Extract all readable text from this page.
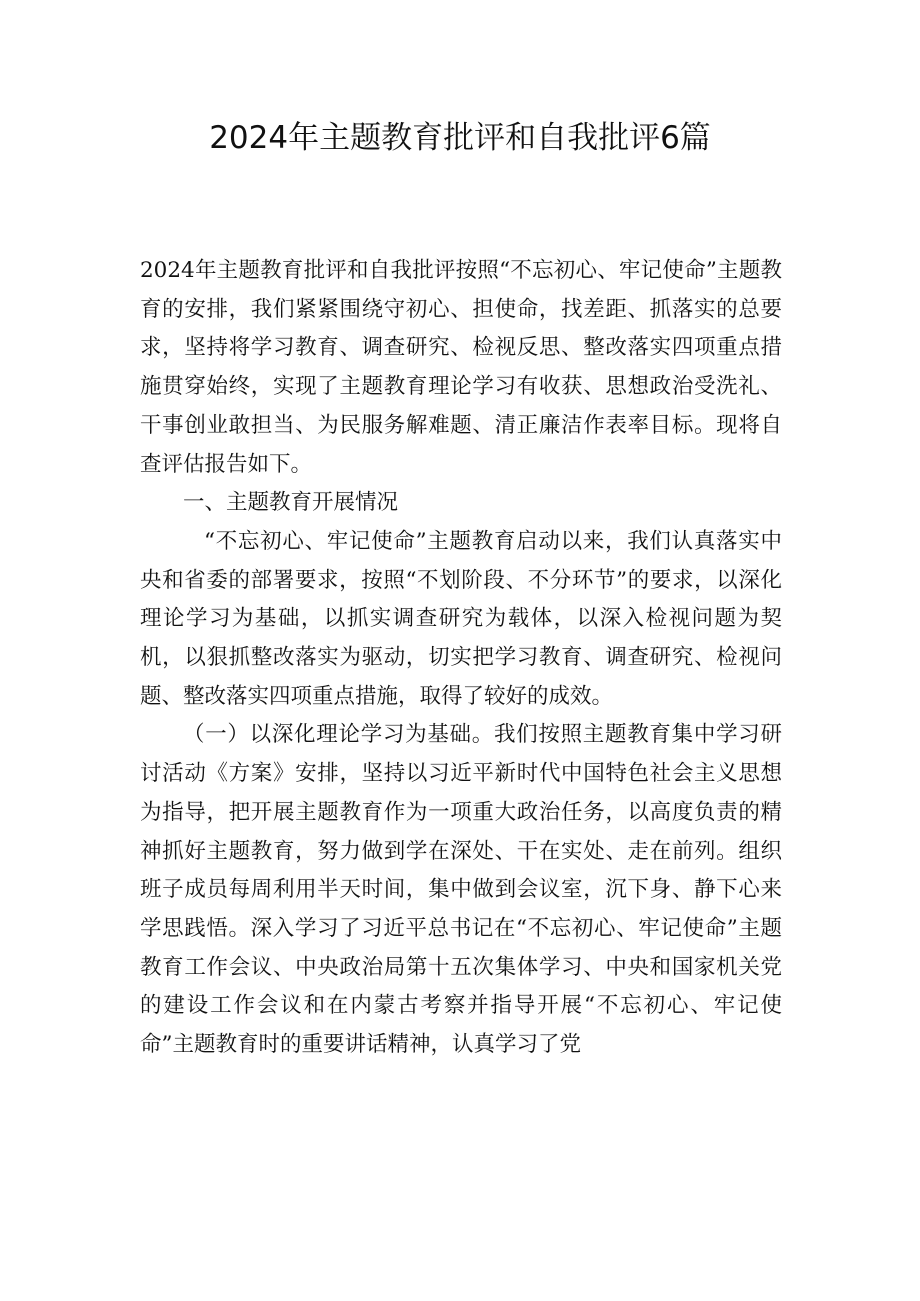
2024年主题教育批评和自我批评6篇

2024年主题教育批评和自我批评按照“不忘初心、牢记使命”主题教育的安排，我们紧紧围绕守初心、担使命，找差距、抓落实的总要求，坚持将学习教育、调查研究、检视反思、整改落实四项重点措施贯穿始终，实现了主题教育理论学习有收获、思想政治受洗礼、干事创业敢担当、为民服务解难题、清正廉洁作表率目标。现将自查评估报告如下。

一、主题教育开展情况

“不忘初心、牢记使命”主题教育启动以来，我们认真落实中央和省委的部署要求，按照“不划阶段、不分环节”的要求，以深化理论学习为基础，以抓实调查研究为载体，以深入检视问题为契机，以狠抓整改落实为驱动，切实把学习教育、调查研究、检视问题、整改落实四项重点措施，取得了较好的成效。

（一）以深化理论学习为基础。我们按照主题教育集中学习研讨活动《方案》安排，坚持以习近平新时代中国特色社会主义思想为指导，把开展主题教育作为一项重大政治任务，以高度负责的精神抓好主题教育，努力做到学在深处、干在实处、走在前列。组织班子成员每周利用半天时间，集中做到会议室，沉下身、静下心来学思践悟。深入学习了习近平总书记在“不忘初心、牢记使命”主题教育工作会议、中央政治局第十五次集体学习、中央和国家机关党的建设工作会议和在内蒙古考察并指导开展“不忘初心、牢记使命”主题教育时的重要讲话精神，认真学习了党
